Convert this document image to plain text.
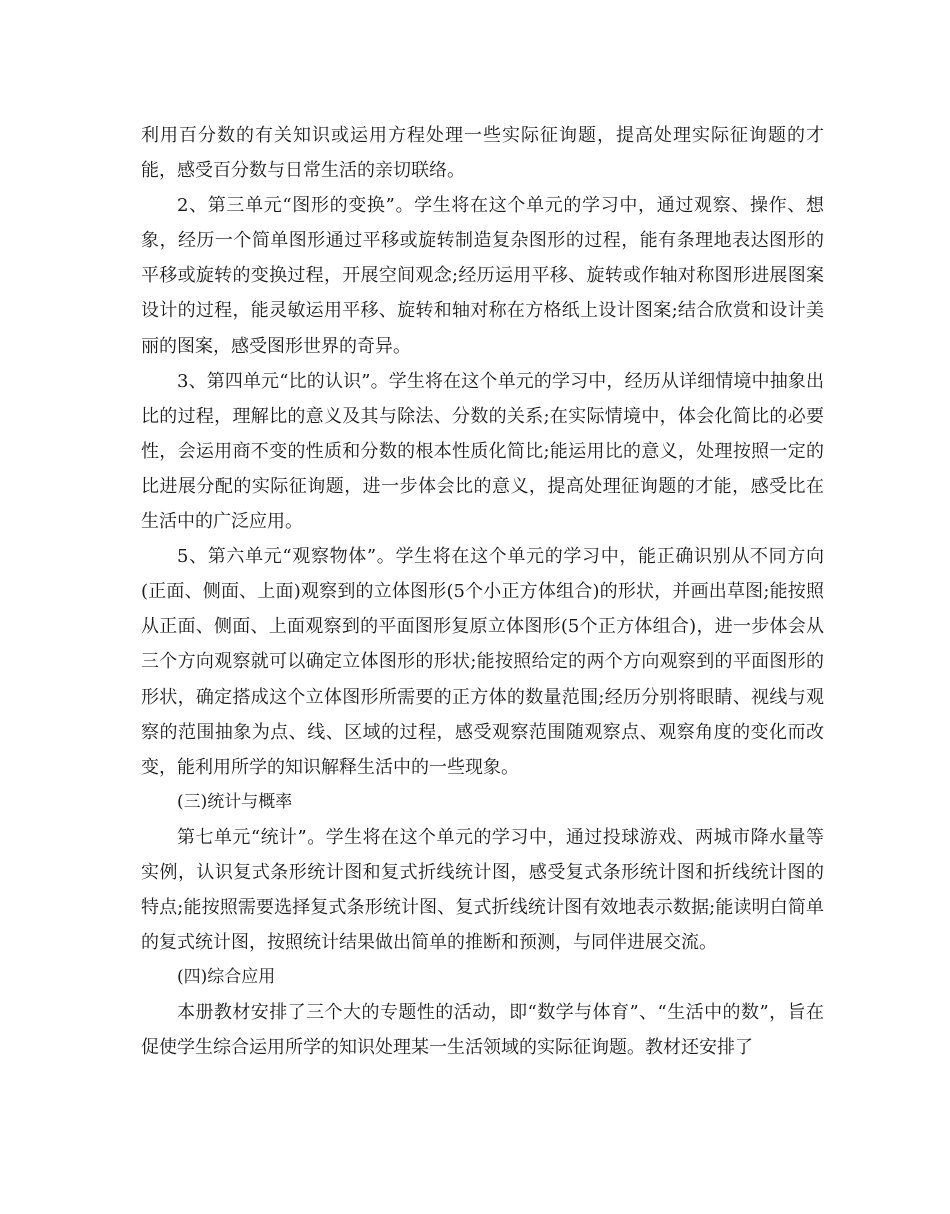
利用百分数的有关知识或运用方程处理一些实际征询题，提高处理实际征询题的才能，感受百分数与日常生活的亲切联络。

2、第三单元“图形的变换”。学生将在这个单元的学习中，通过观察、操作、想象，经历一个简单图形通过平移或旋转制造复杂图形的过程，能有条理地表达图形的平移或旋转的变换过程，开展空间观念;经历运用平移、旋转或作轴对称图形进展图案设计的过程，能灵敏运用平移、旋转和轴对称在方格纸上设计图案;结合欣赏和设计美丽的图案，感受图形世界的奇异。

3、第四单元“比的认识”。学生将在这个单元的学习中，经历从详细情境中抽象出比的过程，理解比的意义及其与除法、分数的关系;在实际情境中，体会化简比的必要性，会运用商不变的性质和分数的根本性质化简比;能运用比的意义，处理按照一定的比进展分配的实际征询题，进一步体会比的意义，提高处理征询题的才能，感受比在生活中的广泛应用。

5、第六单元“观察物体”。学生将在这个单元的学习中，能正确识别从不同方向(正面、侧面、上面)观察到的立体图形(5个小正方体组合)的形状，并画出草图;能按照从正面、侧面、上面观察到的平面图形复原立体图形(5个正方体组合)，进一步体会从三个方向观察就可以确定立体图形的形状;能按照给定的两个方向观察到的平面图形的形状，确定搭成这个立体图形所需要的正方体的数量范围;经历分别将眼睛、视线与观察的范围抽象为点、线、区域的过程，感受观察范围随观察点、观察角度的变化而改变，能利用所学的知识解释生活中的一些现象。

(三)统计与概率

第七单元“统计”。学生将在这个单元的学习中，通过投球游戏、两城市降水量等实例，认识复式条形统计图和复式折线统计图，感受复式条形统计图和折线统计图的特点;能按照需要选择复式条形统计图、复式折线统计图有效地表示数据;能读明白简单的复式统计图，按照统计结果做出简单的推断和预测，与同伴进展交流。

(四)综合应用

本册教材安排了三个大的专题性的活动，即“数学与体育”、“生活中的数”，旨在促使学生综合运用所学的知识处理某一生活领域的实际征询题。教材还安排了
